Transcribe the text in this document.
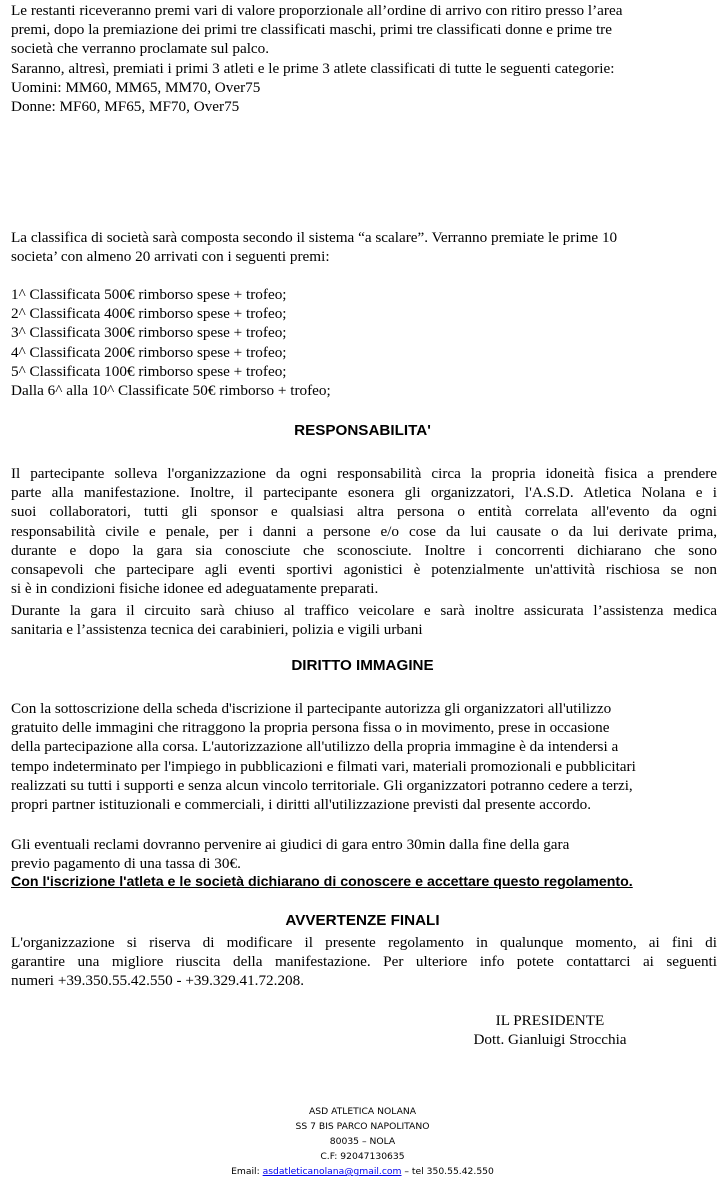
Le restanti riceveranno premi vari di valore proporzionale all’ordine di arrivo con ritiro presso l’area
premi, dopo la premiazione dei primi tre classificati maschi, primi tre classificati donne e prime tre
società che verranno proclamate sul palco.
Saranno, altresì, premiati i primi 3 atleti e le prime 3 atlete classificati di tutte le seguenti categorie:
Uomini: MM60, MM65, MM70, Over75
Donne: MF60, MF65, MF70, Over75
La classifica di società sarà composta secondo il sistema “a scalare”. Verranno premiate le prime 10
societa’ con almeno 20 arrivati con i seguenti premi:
1^ Classificata 500€ rimborso spese + trofeo;
2^ Classificata 400€ rimborso spese + trofeo;
3^ Classificata 300€ rimborso spese + trofeo;
4^ Classificata 200€ rimborso spese + trofeo;
5^ Classificata 100€ rimborso spese + trofeo;
Dalla 6^ alla 10^ Classificate 50€ rimborso + trofeo;
RESPONSABILITA'
Il partecipante solleva l'organizzazione da ogni responsabilità circa la propria idoneità fisica a prendere
parte alla manifestazione. Inoltre, il partecipante esonera gli organizzatori, l'A.S.D. Atletica Nolana e i
suoi collaboratori, tutti gli sponsor e qualsiasi altra persona o entità correlata all'evento da ogni
responsabilità civile e penale, per i danni a persone e/o cose da lui causate o da lui derivate prima,
durante e dopo la gara sia conosciute che sconosciute. Inoltre i concorrenti dichiarano che sono
consapevoli che partecipare agli eventi sportivi agonistici è potenzialmente un'attività rischiosa se non
si è in condizioni fisiche idonee ed adeguatamente preparati.
Durante la gara il circuito sarà chiuso al traffico veicolare e sarà inoltre assicurata l’assistenza medica
sanitaria e l’assistenza tecnica dei carabinieri, polizia e vigili urbani
DIRITTO IMMAGINE
Con la sottoscrizione della scheda d'iscrizione il partecipante autorizza gli organizzatori all'utilizzo
gratuito delle immagini che ritraggono la propria persona fissa o in movimento, prese in occasione
della partecipazione alla corsa. L'autorizzazione all'utilizzo della propria immagine è da intendersi a
tempo indeterminato per l'impiego in pubblicazioni e filmati vari, materiali promozionali e pubblicitari
realizzati su tutti i supporti e senza alcun vincolo territoriale. Gli organizzatori potranno cedere a terzi,
propri partner istituzionali e commerciali, i diritti all'utilizzazione previsti dal presente accordo.
Gli eventuali reclami dovranno pervenire ai giudici di gara entro 30min dalla fine della gara
previo pagamento di una tassa di 30€.
Con l'iscrizione l'atleta e le società dichiarano di conoscere e accettare questo regolamento.
AVVERTENZE FINALI
L'organizzazione si riserva di modificare il presente regolamento in qualunque momento, ai fini di
garantire una migliore riuscita della manifestazione. Per ulteriore info potete contattarci ai seguenti
numeri +39.350.55.42.550 - +39.329.41.72.208.
IL PRESIDENTE
Dott. Gianluigi Strocchia
ASD ATLETICA NOLANA
SS 7 BIS PARCO NAPOLITANO
80035 – NOLA
C.F: 92047130635
Email: asdatleticanolana@gmail.com – tel 350.55.42.550
